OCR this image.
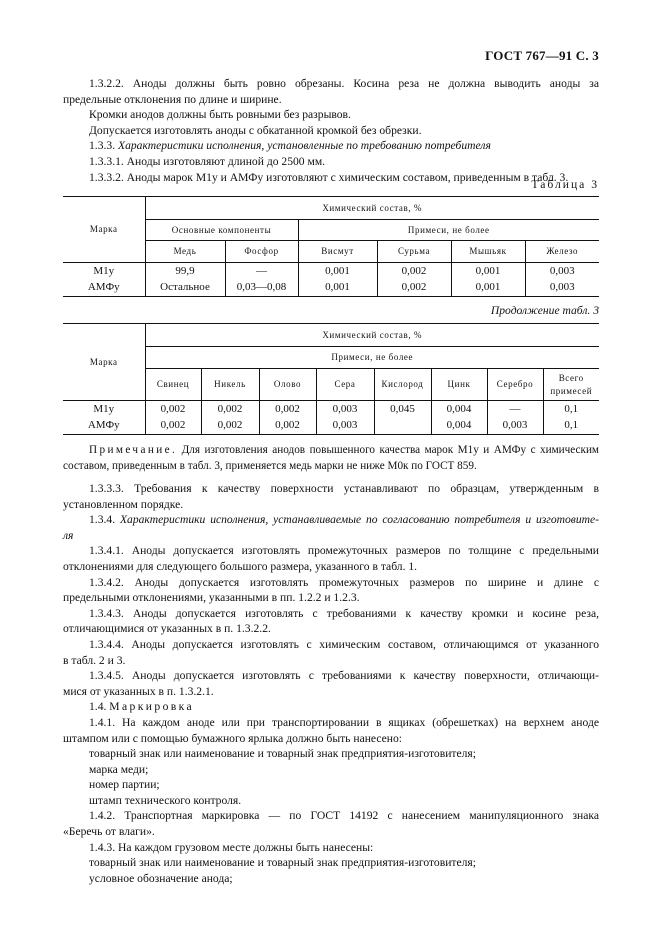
ГОСТ 767—91 С. 3

1.3.2.2. Аноды должны быть ровно обрезаны. Косина реза не должна выводить аноды за

предельные отклонения по длине и ширине.

Кромки анодов должны быть ровными без разрывов.

Допускается изготовлять аноды с обкатанной кромкой без обрезки.

1.3.3. Характеристики исполнения, установленные по требованию потребителя

1.3.3.1. Аноды изготовляют длиной до 2500 мм.

1.3.3.2. Аноды марок М1у и АМФу изготовляют с химическим составом, приведенным в табл. 3.

Таблица 3
Марка	Химический состав, %					
	Основные компоненты		Примеси, не более			
	Медь	Фосфор	Висмут	Сурьма	Мышьяк	Железо
М1у	99,9	—	0,001	0,002	0,001	0,003
АМФу	Остальное	0,03—0,08	0,001	0,002	0,001	0,003
Продолжение табл. 3
Марка	Химический состав, %							
	Примеси, не более							
	Свинец	Никель	Олово	Сера	Кислород	Цинк	Серебро	Всего
примесей

М1у	0,002	0,002	0,002	0,003	0,045	0,004	—	0,1
АМФу	0,002	0,002	0,002	0,003		0,004	0,003	0,1
Примечание. Для изготовления анодов повышенного качества марок М1у и АМФу с химическим
составом, приведенным в табл. 3, применяется медь марки не ниже М0к по ГОСТ 859.

1.3.3.3. Требования к качеству поверхности устанавливают по образцам, утвержденным в

установленном порядке.

1.3.4. Характеристики исполнения, устанавливаемые по согласованию потребителя и изготовите-

ля

1.3.4.1. Аноды допускается изготовлять промежуточных размеров по толщине с предельными

отклонениями для следующего большого размера, указанного в табл. 1.

1.3.4.2. Аноды допускается изготовлять промежуточных размеров по ширине и длине с

предельными отклонениями, указанными в пп. 1.2.2 и 1.2.3.

1.3.4.3. Аноды допускается изготовлять с требованиями к качеству кромки и косине реза,

отличающимися от указанных в п. 1.3.2.2.

1.3.4.4. Аноды допускается изготовлять с химическим составом, отличающимся от указанного

в табл. 2 и 3.

1.3.4.5. Аноды допускается изготовлять с требованиями к качеству поверхности, отличающи-

мися от указанных в п. 1.3.2.1.

1.4. Маркировка

1.4.1. На каждом аноде или при транспортировании в ящиках (обрешетках) на верхнем аноде

штампом или с помощью бумажного ярлыка должно быть нанесено:

товарный знак или наименование и товарный знак предприятия-изготовителя;

марка меди;

номер партии;

штамп технического контроля.

1.4.2. Транспортная маркировка — по ГОСТ 14192 с нанесением манипуляционного знака

«Беречь от влаги».

1.4.3. На каждом грузовом месте должны быть нанесены:

товарный знак или наименование и товарный знак предприятия-изготовителя;

условное обозначение анода;
